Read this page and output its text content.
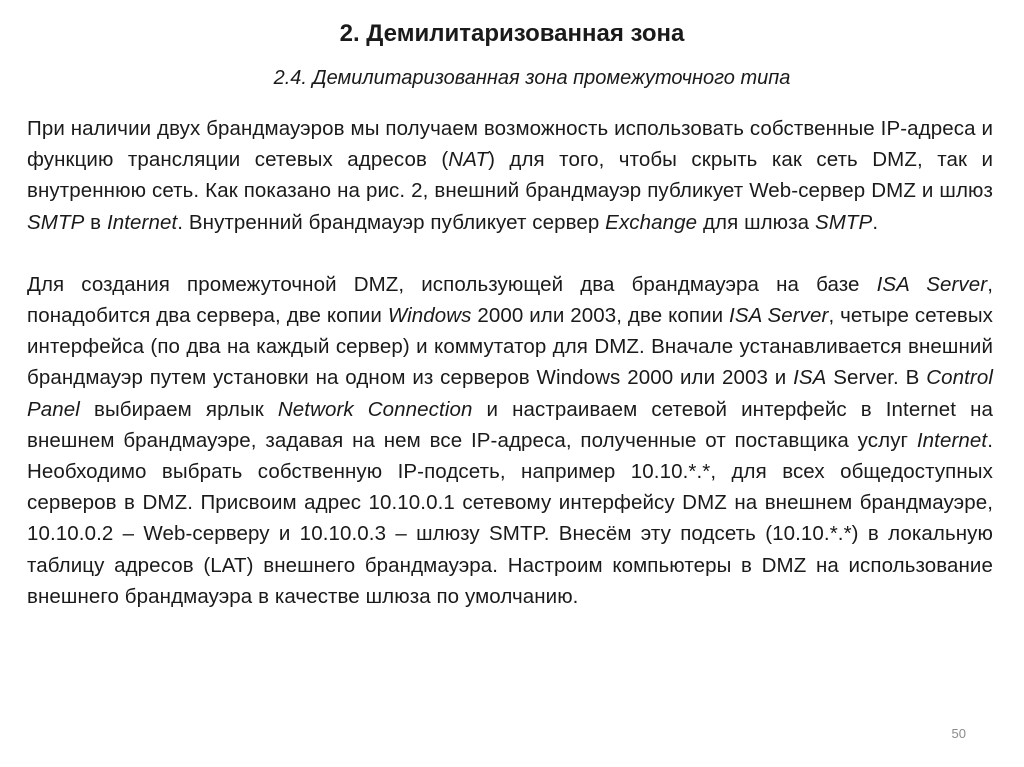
2. Демилитаризованная зона
2.4. Демилитаризованная зона промежуточного типа

При наличии двух брандмауэров мы получаем возможность использовать собственные IP-адреса и функцию трансляции сетевых адресов (NAT) для того, чтобы скрыть как сеть DMZ, так и внутреннюю сеть. Как показано на рис. 2, внешний брандмауэр публикует Web-сервер DMZ и шлюз SMTP в Internet. Внутренний брандмауэр публикует сервер Exchange для шлюза SMTP.

Для создания промежуточной DMZ, использующей два брандмауэра на базе ISA Server, понадобится два сервера, две копии Windows 2000 или 2003, две копии ISA Server, четыре сетевых интерфейса (по два на каждый сервер) и коммутатор для DMZ. Вначале устанавливается внешний брандмауэр путем установки на одном из серверов Windows 2000 или 2003 и ISA Server. В Control Panel выбираем ярлык Network Connection и настраиваем сетевой интерфейс в Internet на внешнем брандмауэре, задавая на нем все IP-адреса, полученные от поставщика услуг Internet. Необходимо выбрать собственную IP-подсеть, например 10.10.*.*, для всех общедоступных серверов в DMZ. Присвоим адрес 10.10.0.1 сетевому интерфейсу DMZ на внешнем брандмауэре, 10.10.0.2 – Web-серверу и 10.10.0.3 – шлюзу SMTP. Внесём эту подсеть (10.10.*.*) в локальную таблицу адресов (LAT) внешнего брандмауэра. Настроим компьютеры в DMZ на использование внешнего брандмауэра в качестве шлюза по умолчанию.

50
